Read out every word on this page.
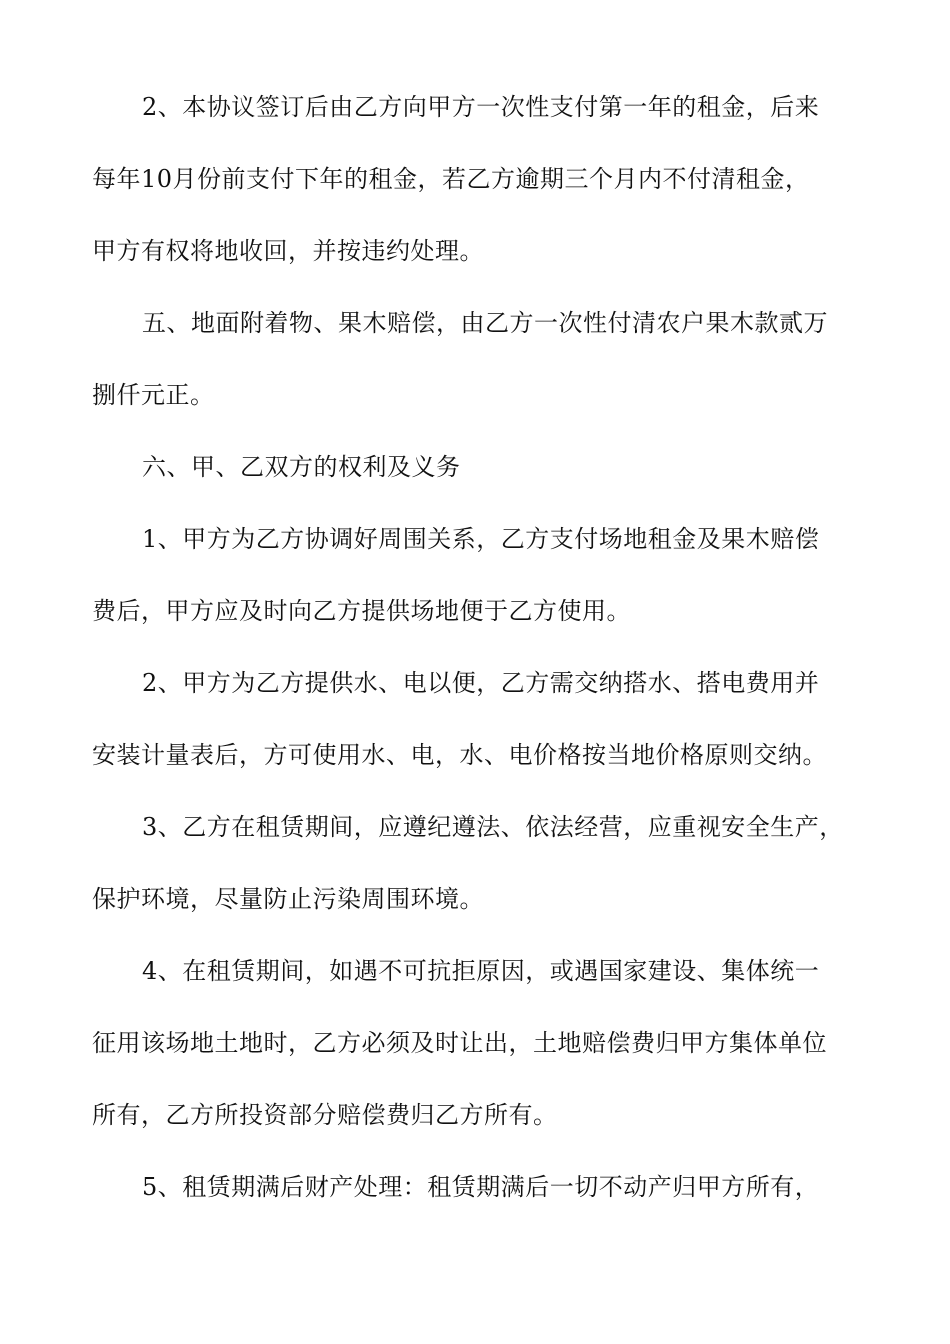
2、本协议签订后由乙方向甲方一次性支付第一年的租金，后来
每年10月份前支付下年的租金，若乙方逾期三个月内不付清租金，
甲方有权将地收回，并按违约处理。
五、地面附着物、果木赔偿，由乙方一次性付清农户果木款贰万
捌仟元正。
六、甲、乙双方的权利及义务
1、甲方为乙方协调好周围关系，乙方支付场地租金及果木赔偿
费后，甲方应及时向乙方提供场地便于乙方使用。
2、甲方为乙方提供水、电以便，乙方需交纳搭水、搭电费用并
安装计量表后，方可使用水、电，水、电价格按当地价格原则交纳。
3、乙方在租赁期间，应遵纪遵法、依法经营，应重视安全生产，
保护环境，尽量防止污染周围环境。
4、在租赁期间，如遇不可抗拒原因，或遇国家建设、集体统一
征用该场地土地时，乙方必须及时让出，土地赔偿费归甲方集体单位
所有，乙方所投资部分赔偿费归乙方所有。
5、租赁期满后财产处理：租赁期满后一切不动产归甲方所有，
